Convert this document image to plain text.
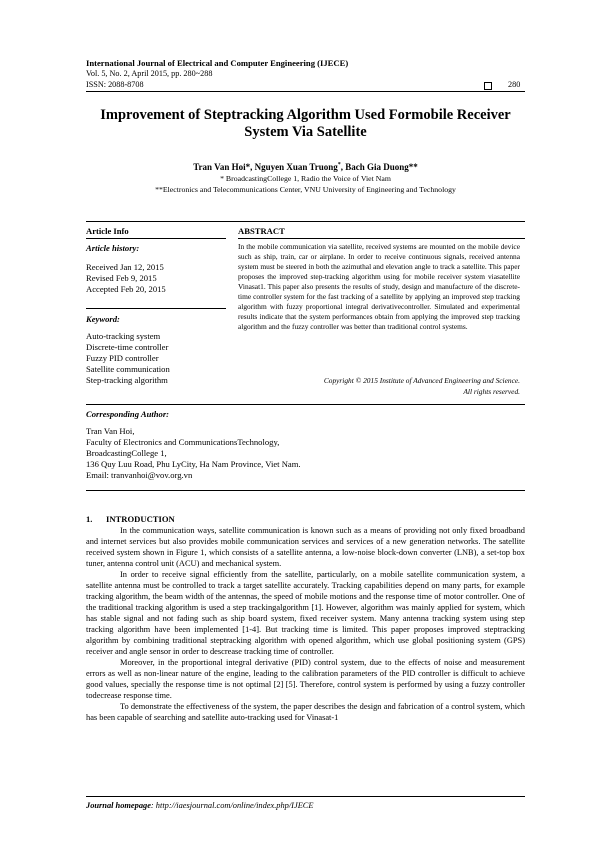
International Journal of Electrical and Computer Engineering (IJECE)
Vol. 5, No. 2, April 2015, pp. 280~288
ISSN: 2088-8708	280
Improvement of Steptracking Algorithm Used Formobile Receiver System Via Satellite
Tran Van Hoi*, Nguyen Xuan Truong*, Bach Gia Duong**
* BroadcastingCollege 1, Radio the Voice of Viet Nam
**Electronics and Telecommunications Center, VNU University of Engineering and Technology
Article Info	ABSTRACT
Article history:
Received Jan 12, 2015
Revised Feb 9, 2015
Accepted Feb 20, 2015
Keyword:
Auto-tracking system
Discrete-time controller
Fuzzy PID controller
Satellite communication
Step-tracking algorithm
In the mobile communication via satellite, received systems are mounted on the mobile device such as ship, train, car or airplane. In order to receive continuous signals, received antenna system must be steered in both the azimuthal and elevation angle to track a satellite. This paper proposes the improved step-tracking algorithm using for mobile receiver system viasatellite Vinasat1. This paper also presents the results of study, design and manufacture of the discrete-time controller system for the fast tracking of a satellite by applying an improved step tracking algorithm with fuzzy proportional integral derivativecontroller. Simulated and experimental results indicate that the system performances obtain from applying the improved step tracking algorithm and the fuzzy controller was better than traditional control systems.
Copyright © 2015 Institute of Advanced Engineering and Science.
All rights reserved.
Corresponding Author:
Tran Van Hoi,
Faculty of Electronics and CommunicationsTechnology,
BroadcastingCollege 1,
136 Quy Luu Road, Phu LyCity, Ha Nam Province, Viet Nam.
Email: tranvanhoi@vov.org.vn
1. INTRODUCTION

In the communication ways, satellite communication is known such as a means of providing not only fixed broadband and internet services but also provides mobile communication services and services of a new generation networks. The satellite received system shown in Figure 1, which consists of a satellite antenna, a low-noise block-down converter (LNB), a set-top box tuner, antenna control unit (ACU) and mechanical system.

In order to receive signal efficiently from the satellite, particularly, on a mobile satellite communication system, a satellite antenna must be controlled to track a target satellite accurately. Tracking capabilities depend on many parts, for example tracking algorithm, the beam width of the antennas, the speed of mobile motions and the response time of motor controller. One of the traditional tracking algorithm is used a step trackingalgorithm [1]. However, algorithm was mainly applied for system, which has stable signal and not fading such as ship board system, fixed receiver system. Many antenna tracking system using step tracking algorithm have been implemented [1-4]. But tracking time is limited. This paper proposes improved steptracking algorithm by combining traditional steptracking algorithm with opened algorithm, which use global positioning system (GPS) receiver and angle sensor in order to descrease tracking time of controller.

Moreover, in the proportional integral derivative (PID) control system, due to the effects of noise and measurement errors as well as non-linear nature of the engine, leading to the calibration parameters of the PID controller is difficult to achieve good values, specially the response time is not optimal [2] [5]. Therefore, control system is performed by using a fuzzy controller todecrease response time.

To demonstrate the effectiveness of the system, the paper describes the design and fabrication of a control system, which has been capable of searching and satellite auto-tracking used for Vinasat-1

Journal homepage: http://iaesjournal.com/online/index.php/IJECE
